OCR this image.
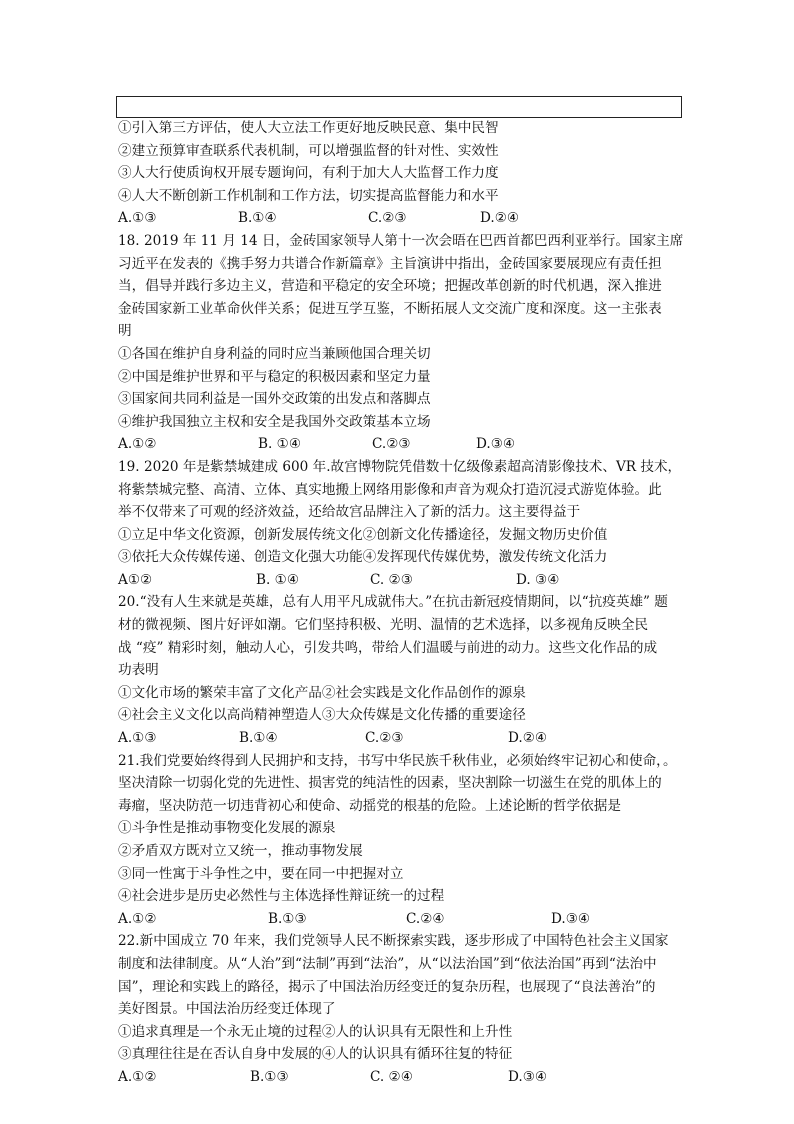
①引入第三方评估，使人大立法工作更好地反映民意、集中民智
②建立预算审查联系代表机制，可以增强监督的针对性、实效性
③人大行使质询权开展专题询问，有利于加大人大监督工作力度
④人大不断创新工作机制和工作方法，切实提高监督能力和水平
A.①③	B.①④	C.②③	D.②④
18. 2019 年 11 月 14 日，金砖国家领导人第十一次会晤在巴西首都巴西利亚举行。国家主席
习近平在发表的《携手努力共谱合作新篇章》主旨演讲中指出，金砖国家要展现应有责任担
当，倡导并践行多边主义，营造和平稳定的安全环境；把握改革创新的时代机遇，深入推进
金砖国家新工业革命伙伴关系；促进互学互鉴，不断拓展人文交流广度和深度。这一主张表
明
①各国在维护自身利益的同时应当兼顾他国合理关切
②中国是维护世界和平与稳定的积极因素和坚定力量
③国家间共同利益是一国外交政策的出发点和落脚点
④维护我国独立主权和安全是我国外交政策基本立场
A.①②	B. ①④	C.②③	D.③④
19. 2020 年是紫禁城建成 600 年.故宫博物院凭借数十亿级像素超高清影像技术、VR 技术，
将紫禁城完整、高清、立体、真实地搬上网络用影像和声音为观众打造沉浸式游览体验。此
举不仅带来了可观的经济效益，还给故宫品牌注入了新的活力。这主要得益于
①立足中华文化资源，创新发展传统文化②创新文化传播途径，发掘文物历史价值
③依托大众传媒传递、创造文化强大功能④发挥现代传媒优势，激发传统文化活力
A①②	B. ①④	C. ②③	D. ③④
20.“没有人生来就是英雄，总有人用平凡成就伟大。”在抗击新冠疫情期间，以“抗疫英雄” 题
材的微视频、图片好评如潮。它们坚持积极、光明、温情的艺术选择，以多视角反映全民
战 “疫” 精彩时刻，触动人心，引发共鸣，带给人们温暖与前进的动力。这些文化作品的成
功表明
①文化市场的繁荣丰富了文化产品②社会实践是文化作品创作的源泉
④社会主义文化以高尚精神塑造人③大众传媒是文化传播的重要途径
A.①③	B.①④	C.②③	D.②④
21.我们党要始终得到人民拥护和支持，书写中华民族千秋伟业，必须始终牢记初心和使命，。
坚决清除一切弱化党的先进性、损害党的纯洁性的因素，坚决割除一切滋生在党的肌体上的
毒瘤，坚决防范一切违背初心和使命、动摇党的根基的危险。上述论断的哲学依据是
①斗争性是推动事物变化发展的源泉
②矛盾双方既对立又统一，推动事物发展
③同一性寓于斗争性之中，要在同一中把握对立
④社会进步是历史必然性与主体选择性辩证统一的过程
A.①②	B.①③	C.②④	D.③④
22.新中国成立 70 年来，我们党领导人民不断探索实践，逐步形成了中国特色社会主义国家
制度和法律制度。从“人治”到“法制”再到“法治”，从“以法治国”到“依法治国”再到“法治中
国”，理论和实践上的路径，揭示了中国法治历经变迁的复杂历程，也展现了“良法善治”的
美好图景。中国法治历经变迁体现了
①追求真理是一个永无止境的过程②人的认识具有无限性和上升性
③真理往往是在否认自身中发展的④人的认识具有循环往复的特征
A.①②	B.①③	C. ②④	D.③④
